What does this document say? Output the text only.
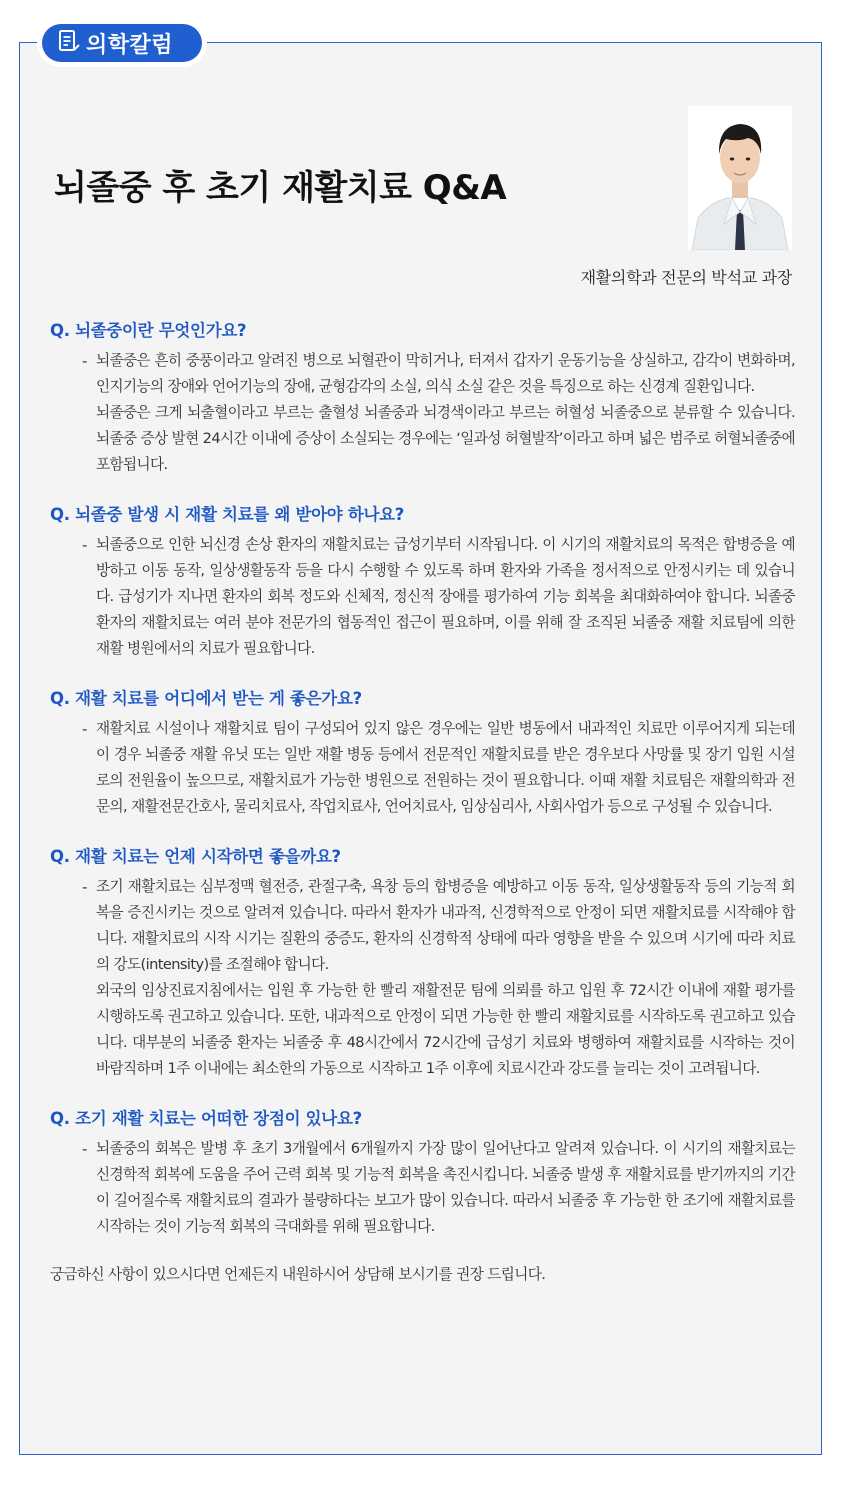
의학칼럼
뇌졸중 후 초기 재활치료 Q&A
재활의학과 전문의 박석교 과장
Q. 뇌졸중이란 무엇인가요?
- 뇌졸중은 흔히 중풍이라고 알려진 병으로 뇌혈관이 막히거나, 터져서 갑자기 운동기능을 상실하고, 감각이 변화하며, 인지기능의 장애와 언어기능의 장애, 균형감각의 소실, 의식 소실 같은 것을 특징으로 하는 신경계 질환입니다.

뇌졸중은 크게 뇌출혈이라고 부르는 출혈성 뇌졸중과 뇌경색이라고 부르는 허혈성 뇌졸중으로 분류할 수 있습니다. 뇌졸중 증상 발현 24시간 이내에 증상이 소실되는 경우에는 ‘일과성 허혈발작’이라고 하며 넓은 범주로 허혈뇌졸중에 포함됩니다.

Q. 뇌졸중 발생 시 재활 치료를 왜 받아야 하나요?
- 뇌졸중으로 인한 뇌신경 손상 환자의 재활치료는 급성기부터 시작됩니다. 이 시기의 재활치료의 목적은 합병증을 예방하고 이동 동작, 일상생활동작 등을 다시 수행할 수 있도록 하며 환자와 가족을 정서적으로 안정시키는 데 있습니다. 급성기가 지나면 환자의 회복 정도와 신체적, 정신적 장애를 평가하여 기능 회복을 최대화하여야 합니다. 뇌졸중 환자의 재활치료는 여러 분야 전문가의 협동적인 접근이 필요하며, 이를 위해 잘 조직된 뇌졸중 재활 치료팀에 의한 재활 병원에서의 치료가 필요합니다.

Q. 재활 치료를 어디에서 받는 게 좋은가요?
- 재활치료 시설이나 재활치료 팀이 구성되어 있지 않은 경우에는 일반 병동에서 내과적인 치료만 이루어지게 되는데 이 경우 뇌졸중 재활 유닛 또는 일반 재활 병동 등에서 전문적인 재활치료를 받은 경우보다 사망률 및 장기 입원 시설로의 전원율이 높으므로, 재활치료가 가능한 병원으로 전원하는 것이 필요합니다. 이때 재활 치료팀은 재활의학과 전문의, 재활전문간호사, 물리치료사, 작업치료사, 언어치료사, 임상심리사, 사회사업가 등으로 구성될 수 있습니다.

Q. 재활 치료는 언제 시작하면 좋을까요?
- 조기 재활치료는 심부정맥 혈전증, 관절구축, 욕창 등의 합병증을 예방하고 이동 동작, 일상생활동작 등의 기능적 회복을 증진시키는 것으로 알려져 있습니다. 따라서 환자가 내과적, 신경학적으로 안정이 되면 재활치료를 시작해야 합니다. 재활치료의 시작 시기는 질환의 중증도, 환자의 신경학적 상태에 따라 영향을 받을 수 있으며 시기에 따라 치료의 강도(intensity)를 조절해야 합니다.

외국의 임상진료지침에서는 입원 후 가능한 한 빨리 재활전문 팀에 의뢰를 하고 입원 후 72시간 이내에 재활 평가를 시행하도록 권고하고 있습니다. 또한, 내과적으로 안정이 되면 가능한 한 빨리 재활치료를 시작하도록 권고하고 있습니다. 대부분의 뇌졸중 환자는 뇌졸중 후 48시간에서 72시간에 급성기 치료와 병행하여 재활치료를 시작하는 것이 바람직하며 1주 이내에는 최소한의 가동으로 시작하고 1주 이후에 치료시간과 강도를 늘리는 것이 고려됩니다.

Q. 조기 재활 치료는 어떠한 장점이 있나요?
- 뇌졸중의 회복은 발병 후 초기 3개월에서 6개월까지 가장 많이 일어난다고 알려져 있습니다. 이 시기의 재활치료는 신경학적 회복에 도움을 주어 근력 회복 및 기능적 회복을 촉진시킵니다. 뇌졸중 발생 후 재활치료를 받기까지의 기간이 길어질수록 재활치료의 결과가 불량하다는 보고가 많이 있습니다. 따라서 뇌졸중 후 가능한 한 조기에 재활치료를 시작하는 것이 기능적 회복의 극대화를 위해 필요합니다.

궁금하신 사항이 있으시다면 언제든지 내원하시어 상담해 보시기를 권장 드립니다.
